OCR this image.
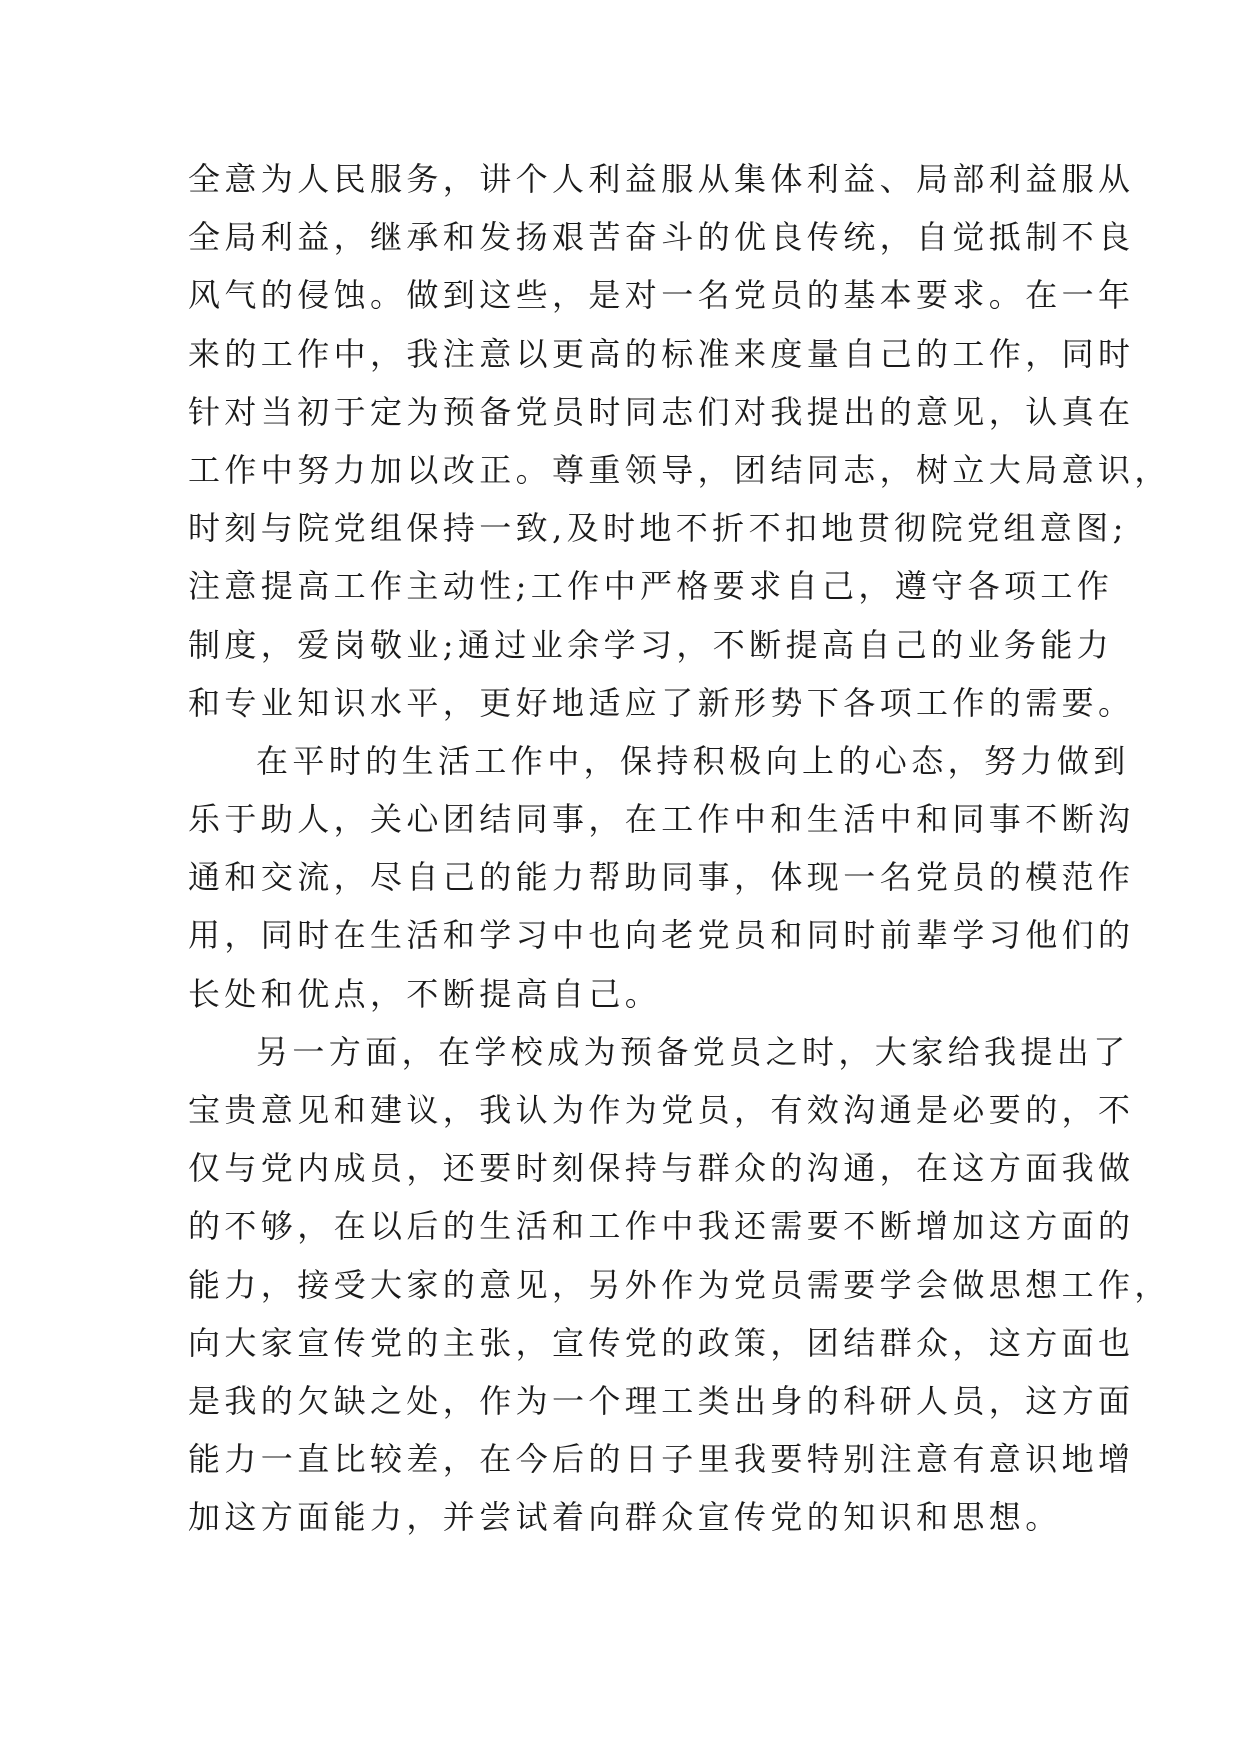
全意为人民服务，讲个人利益服从集体利益、局部利益服从
全局利益，继承和发扬艰苦奋斗的优良传统，自觉抵制不良
风气的侵蚀。做到这些，是对一名党员的基本要求。在一年
来的工作中，我注意以更高的标准来度量自己的工作，同时
针对当初于定为预备党员时同志们对我提出的意见，认真在
工作中努力加以改正。尊重领导，团结同志，树立大局意识，
时刻与院党组保持一致,及时地不折不扣地贯彻院党组意图;
注意提高工作主动性;工作中严格要求自己，遵守各项工作
制度，爱岗敬业;通过业余学习，不断提高自己的业务能力
和专业知识水平，更好地适应了新形势下各项工作的需要。
在平时的生活工作中，保持积极向上的心态，努力做到
乐于助人，关心团结同事，在工作中和生活中和同事不断沟
通和交流，尽自己的能力帮助同事，体现一名党员的模范作
用，同时在生活和学习中也向老党员和同时前辈学习他们的
长处和优点，不断提高自己。
另一方面，在学校成为预备党员之时，大家给我提出了
宝贵意见和建议，我认为作为党员，有效沟通是必要的，不
仅与党内成员，还要时刻保持与群众的沟通，在这方面我做
的不够，在以后的生活和工作中我还需要不断增加这方面的
能力，接受大家的意见，另外作为党员需要学会做思想工作，
向大家宣传党的主张，宣传党的政策，团结群众，这方面也
是我的欠缺之处，作为一个理工类出身的科研人员，这方面
能力一直比较差，在今后的日子里我要特别注意有意识地增
加这方面能力，并尝试着向群众宣传党的知识和思想。
